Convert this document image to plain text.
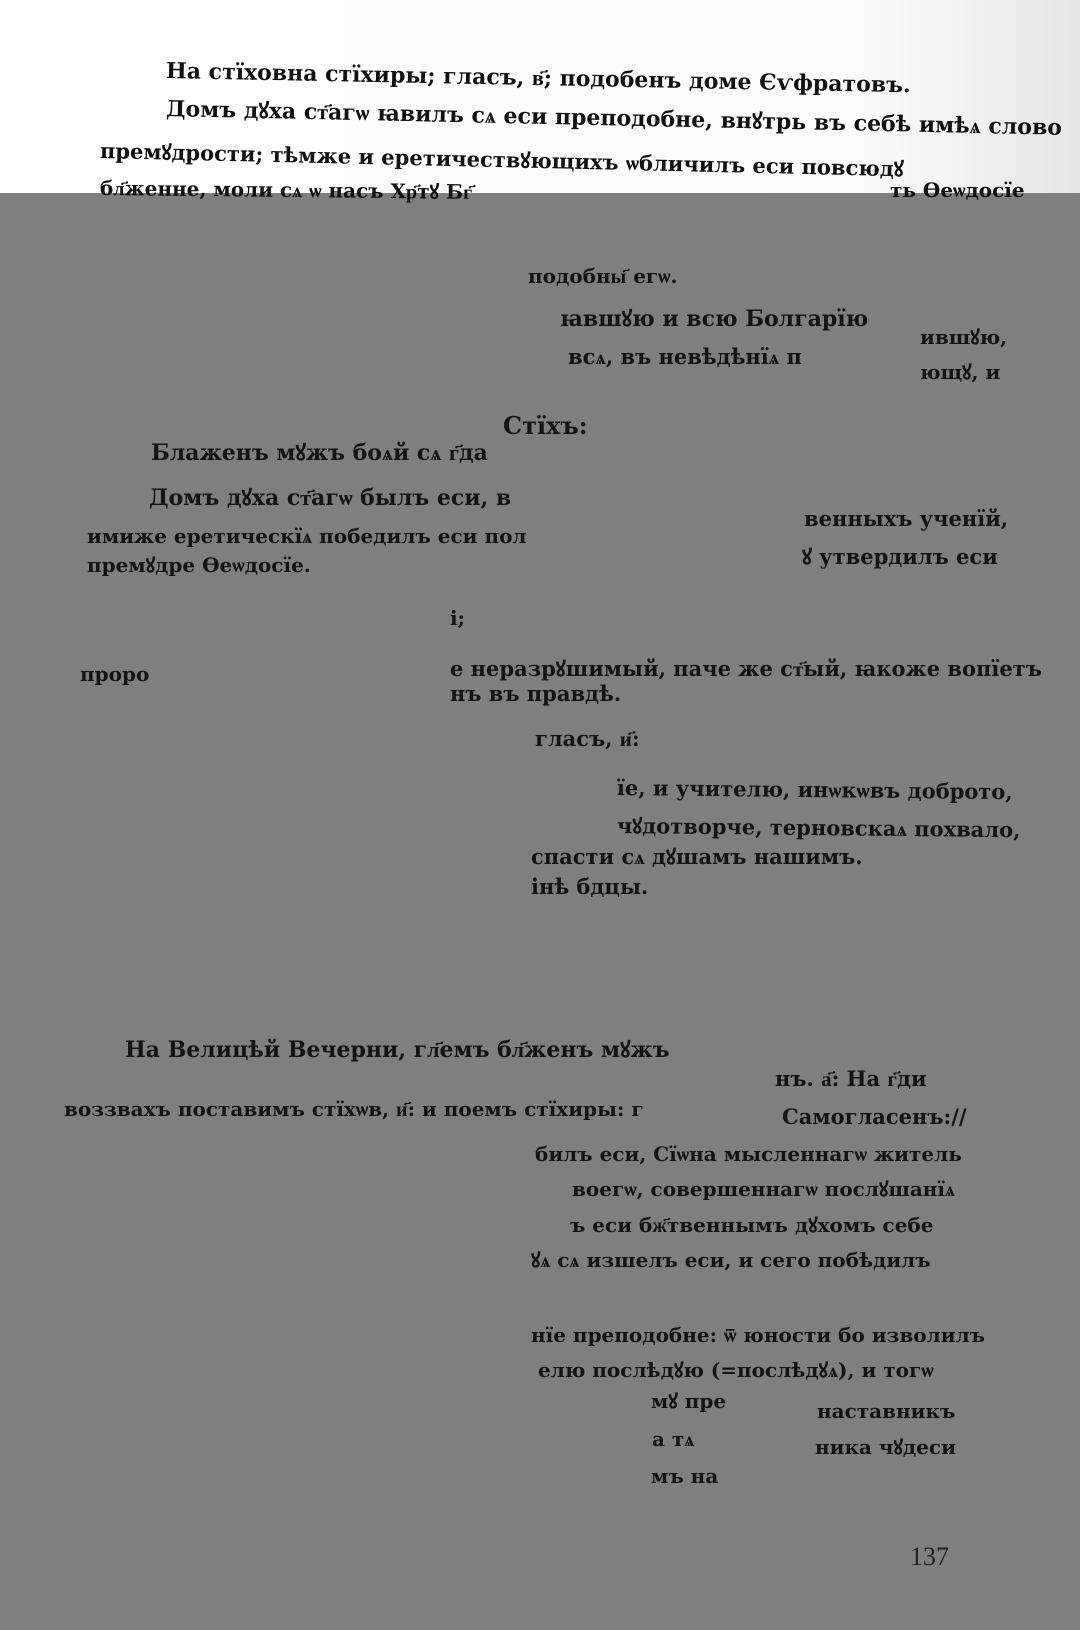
На стїховна стїхиры; гласъ, в҃; подобенъ доме Єѵфратовъ.
Домъ дꙋха ст҃агѡ ꙗвилъ сѧ еси преподобне, внꙋтрь въ себѣ имѣѧ слово
премꙋдрости; тѣмже и еретичествꙋющихъ ѡбличилъ еси повсюдꙋ
бл҃женне, моли сѧ ѡ насъ Хр҃тꙋ Бг҃	ть Ѳеѡдосїе
подобны҃ егѡ.
ꙗвшꙋю и всю Болгарїю
ившꙋю,
всѧ, въ невѣдѣнїѧ п
ющꙋ, и
Стїхъ:
Блаженъ мꙋжъ боѧй сѧ г҃да
Домъ дꙋха ст҃агѡ былъ еси, в
венныхъ ученїй,
имиже еретическїѧ победилъ еси пол
ꙋ утвердилъ еси
премꙋдре Ѳеѡдосїе.
і;
проро	е неразрꙋшимый, паче же ст҃ый, ꙗкоже вопїетъ
нъ въ правдѣ.
гласъ, и҃:
їе, и учителю, инѡкѡвъ доброто,
чꙋдотворче, терновскаѧ похвало,
спасти сѧ дꙋшамъ нашимъ.
інѣ бдцы.
На Велицѣй Вечерни, гл҃емъ бл҃женъ мꙋжъ
нъ. а҃: На г҃ди
воззвахъ поставимъ стїхѡв, и҃: и поемъ стїхиры: г	Самогласенъ://
билъ еси, Сїѡна мысленнагѡ житель
воегѡ, совершеннагѡ послꙋшанїѧ
ъ еси бж҃твеннымъ дꙋхомъ себе
ꙋѧ сѧ изшелъ еси, и сего побѣдилъ
нїе преподобне: ѿ юности бо изволилъ
елю послѣдꙋю (=послѣдꙋѧ), и тогѡ
мꙋ пре	наставникъ
а тѧ	ника чꙋдеси
мъ на
137
